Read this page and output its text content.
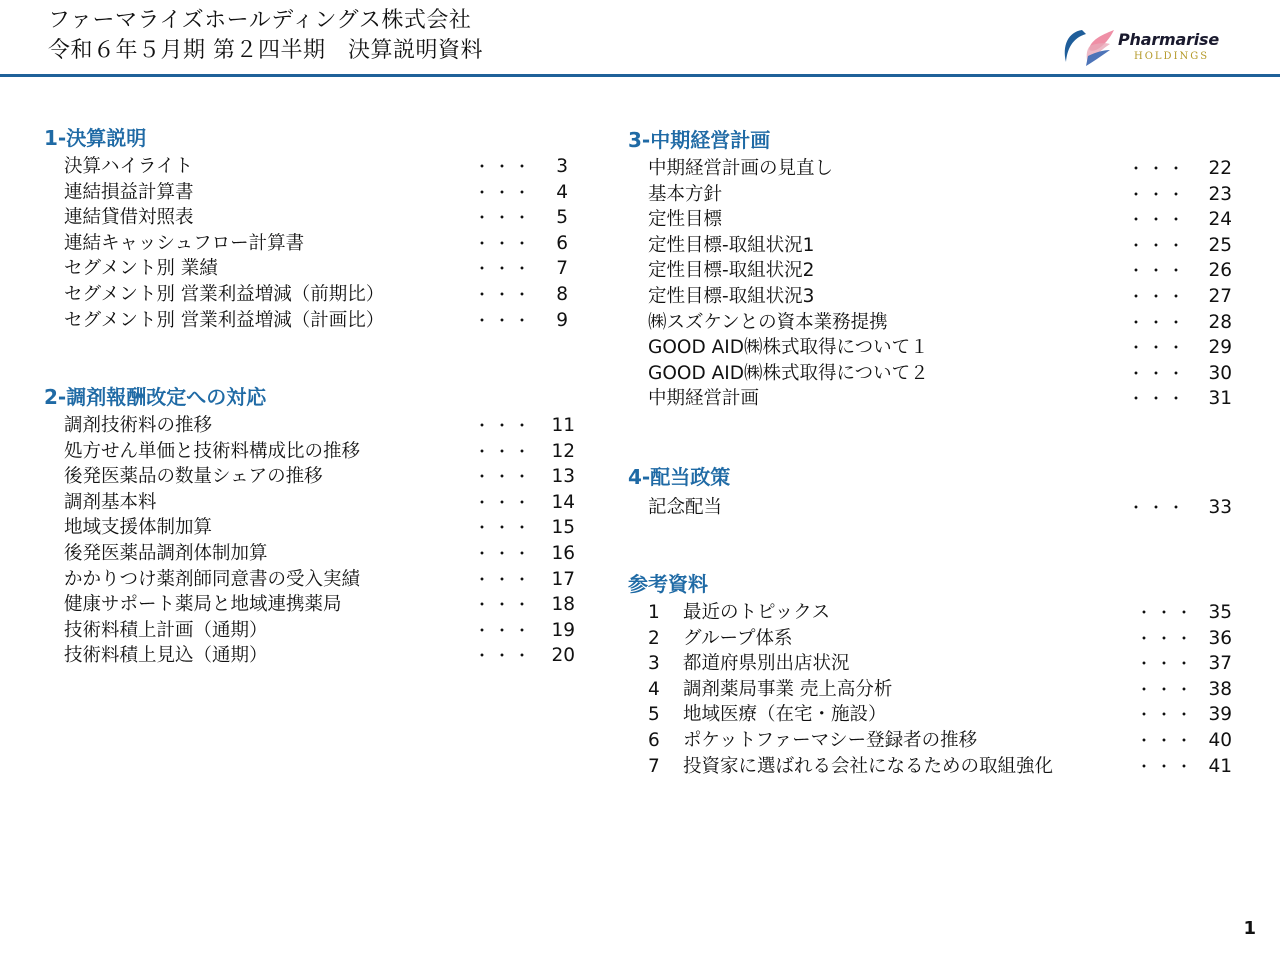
ファーマライズホールディングス株式会社
令和６年５月期 第２四半期　決算説明資料	Pharmarise
HOLDINGS
1-決算説明
決算ハイライト	・・・	3
連結損益計算書	・・・	4
連結貸借対照表	・・・	5
連結キャッシュフロー計算書	・・・	6
セグメント別 業績	・・・	7
セグメント別 営業利益増減（前期比）	・・・	8
セグメント別 営業利益増減（計画比）	・・・	9
2-調剤報酬改定への対応
調剤技術料の推移	・・・ 11
処方せん単価と技術料構成比の推移	・・・ 12
後発医薬品の数量シェアの推移	・・・ 13
調剤基本料	・・・ 14
地域支援体制加算	・・・ 15
後発医薬品調剤体制加算	・・・ 16
かかりつけ薬剤師同意書の受入実績	・・・ 17
健康サポート薬局と地域連携薬局	・・・ 18
技術料積上計画（通期）	・・・ 19
技術料積上見込（通期）	・・・ 20
3-中期経営計画
中期経営計画の見直し	・・・	22
基本方針	・・・	23
定性目標	・・・	24
定性目標-取組状況1	・・・	25
定性目標-取組状況2	・・・	26
定性目標-取組状況3	・・・	27
㈱スズケンとの資本業務提携	・・・	28
GOOD AID㈱株式取得について１	・・・	29
GOOD AID㈱株式取得について２	・・・	30
中期経営計画	・・・	31
4-配当政策
記念配当	・・・	33
参考資料
1 最近のトピックス	・・・ 35
2 グループ体系	・・・ 36
3 都道府県別出店状況	・・・ 37
4 調剤薬局事業 売上高分析	・・・ 38
5 地域医療（在宅・施設）	・・・ 39
6 ポケットファーマシー登録者の推移	・・・ 40
7 投資家に選ばれる会社になるための取組強化	・・・ 41
1
